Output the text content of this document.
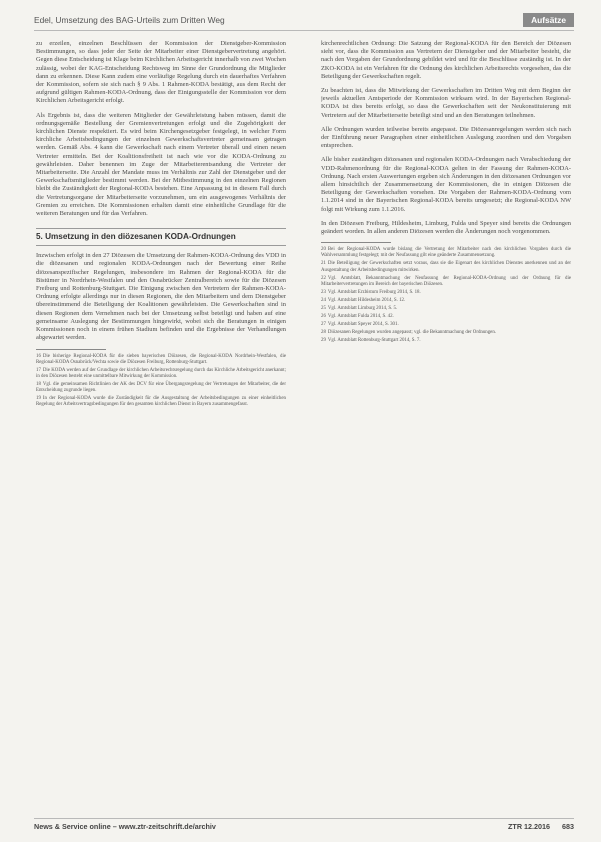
Edel, Umsetzung des BAG-Urteils zum Dritten Weg	Aufsätze

zu erzeilen, einzelnen Beschlüssen der Kommission der Dienstgeber-Kommission Bestimmungen, so dass jeder der Seite der Mitarbeiter einer Dienstgebervertretung angehört. Gegen diese Entscheidung ist Klage beim Kirchlichen Arbeitsgericht innerhalb von zwei Wochen zulässig, wobei der KAG-Entscheidung Rechtsweg im Sinne der Grundordnung die Mitglieder dann zu erkennen. Diese Kann zudem eine vorläufige Regelung durch ein dauerhaftes Verfahren der Kommission, sofern sie sich nach § 9 Abs. 1 Rahmen-KODA bestätigt, aus dem Recht der aufgrund gültigen Rahmen-KODA-Ordnung, dass der Einigungsstelle der Kommission vor dem Kirchlichen Arbeitsgericht erfolgt.

Als Ergebnis ist, dass die weiteren Mitglieder der Gewährleistung haben müssen, damit die ordnungsgemäße Bestellung der Gremienvertretungen erfolgt und die Zugehörigkeit der kirchlichen Dienste respektiert. Es wird beim Kirchengesetzgeber festgelegt, in welcher Form kirchliche Arbeitsbedingungen der einzelnen Gewerkschaftsvertreter gemeinsam getragen werden. Gemäß Abs. 4 kann die Gewerkschaft nach einem Vertreter überall und einen neuen Vertreter ermitteln. Bei der Koalitionsfreiheit ist nach wie vor die KODA-Ordnung zu gewährleisten. Daher benennen im Zuge der Mitarbeiterentsandung die Vertreter der Mitarbeiterseite. Die Anzahl der Mandate muss im Verhältnis zur Zahl der Dienstgeber und der Gewerkschaftsmitglieder bestimmt werden. Bei der Mitbestimmung in den einzelnen Regionen bleibt die Zuständigkeit der Regional-KODA bestehen. Eine Anpassung ist in diesem Fall durch die Vertretungsorgane der Mitarbeiterseite vorzunehmen, um ein ausgewogenes Verhältnis der Gremien zu erreichen. Die Kommissionen erhalten damit eine einheitliche Grundlage für die weiteren Beratungen und für das Verfahren.

5. Umsetzung in den diözesanen KODA-Ordnungen

Inzwischen erfolgt in den 27 Diözesen die Umsetzung der Rahmen-KODA-Ordnung des VDD in die diözesanen und regionalen KODA-Ordnungen nach der Bewertung einer Reihe diözesanspezifischer Regelungen, insbesondere im Rahmen der Regional-KODA für die Bistümer in Nordrhein-Westfalen und den Osnabrücker Zentralbereich sowie für die Diözesen Freiburg und Rottenburg-Stuttgart. Die Einigung zwischen den Vertretern der Rahmen-KODA-Ordnung erfolgte allerdings nur in diesen Regionen, die den Mitarbeitern und dem Dienstgeber übereinstimmend die Beteiligung der Koalitionen gewährleisten. Die Gewerkschaften sind in diesen Regionen dem Vernehmen nach bei der Umsetzung selbst beteiligt und haben auf eine gemeinsame Auslegung der Bestimmungen hingewirkt, wobei sich die Beratungen in einigen Kommissionen noch in einem frühen Stadium befinden und die Ergebnisse der Verhandlungen abgewartet werden.

16 Die bisherige Regional-KODA für die sieben bayerischen Diözesen, die Regional-KODA Nordrhein-Westfalen, die Regional-KODA Osnabrück/Vechta sowie die Diözesen Freiburg, Rottenburg-Stuttgart.

17 Die KODA werden auf der Grundlage der kirchlichen Arbeitsrechtsregelung durch das Kirchliche Arbeitsgericht anerkannt; in den Diözesen besteht eine unmittelbare Mitwirkung der Kommission.

18 Vgl. die gemeinsamen Richtlinien der AK des DCV für eine Übergangsregelung der Vertretungen der Mitarbeiter, die der Entscheidung zugrunde liegen.

19 In der Regional-KODA wurde die Zuständigkeit für die Ausgestaltung der Arbeitsbedingungen zu einer einheitlichen Regelung der Arbeitsvertragsbedingungen für den gesamten kirchlichen Dienst in Bayern zusammengefasst.

kirchenrechtlichen Ordnung: Die Satzung der Regional-KODA für den Bereich der Diözesen sieht vor, dass die Kommission aus Vertretern der Dienstgeber und der Mitarbeiter besteht, die nach den Vorgaben der Grundordnung gebildet wird und für die Beschlüsse zuständig ist. In der ZKO-KODA ist ein Verfahren für die Ordnung des kirchlichen Arbeitsrechts vorgesehen, das die Beteiligung der Gewerkschaften regelt.

Zu beachten ist, dass die Mitwirkung der Gewerkschaften im Dritten Weg mit dem Beginn der jeweils aktuellen Amtsperiode der Kommission wirksam wird. In der Bayerischen Regional-KODA ist dies bereits erfolgt, so dass die Gewerkschaften seit der Neukonstituierung mit Vertretern auf der Mitarbeiterseite beteiligt sind und an den Beratungen teilnehmen.

Alle Ordnungen wurden teilweise bereits angepasst. Die Diözesanregelungen werden sich nach der Einführung neuer Paragraphen einer einheitlichen Auslegung zuordnen und den Vorgaben entsprechen.

Alle bisher zuständigen diözesanen und regionalen KODA-Ordnungen nach Verabschiedung der VDD-Rahmenordnung für die Regional-KODA gelten in der Fassung der Rahmen-KODA-Ordnung. Nach ersten Auswertungen ergeben sich Änderungen in den diözesanen Ordnungen vor allem hinsichtlich der Zusammensetzung der Kommissionen, die in einigen Diözesen die Beteiligung der Gewerkschaften vorsehen. Die Vorgaben der Rahmen-KODA-Ordnung vom 1.1.2014 sind in der Bayerischen Regional-KODA bereits umgesetzt; die Regional-KODA NW folgt mit Wirkung zum 1.1.2016.

In den Diözesen Freiburg, Hildesheim, Limburg, Fulda und Speyer sind bereits die Ordnungen geändert worden. In allen anderen Diözesen werden die Änderungen noch vorgenommen.

20 Bei der Regional-KODA wurde bislang die Vertretung der Mitarbeiter nach den kirchlichen Vorgaben durch die Wahlversammlung festgelegt; mit der Neufassung gilt eine geänderte Zusammensetzung.

21 Die Beteiligung der Gewerkschaften setzt voraus, dass sie die Eigenart des kirchlichen Dienstes anerkennen und an der Ausgestaltung der Arbeitsbedingungen mitwirken.

22 Vgl. Amtsblatt, Bekanntmachung der Neufassung der Regional-KODA-Ordnung und der Ordnung für die Mitarbeitervertretungen im Bereich der bayerischen Diözesen.

23 Vgl. Amtsblatt Erzbistum Freiburg 2014, S. 18.

24 Vgl. Amtsblatt Hildesheim 2014, S. 12.

25 Vgl. Amtsblatt Limburg 2014, S. 5.

26 Vgl. Amtsblatt Fulda 2014, S. 42.

27 Vgl. Amtsblatt Speyer 2014, S. 301.

28 Diözesanen Regelungen wurden angepasst; vgl. die Bekanntmachung der Ordnungen.

29 Vgl. Amtsblatt Rottenburg-Stuttgart 2014, S. 7.

News & Service online – www.ztr-zeitschrift.de/archiv	ZTR 12.2016 683
